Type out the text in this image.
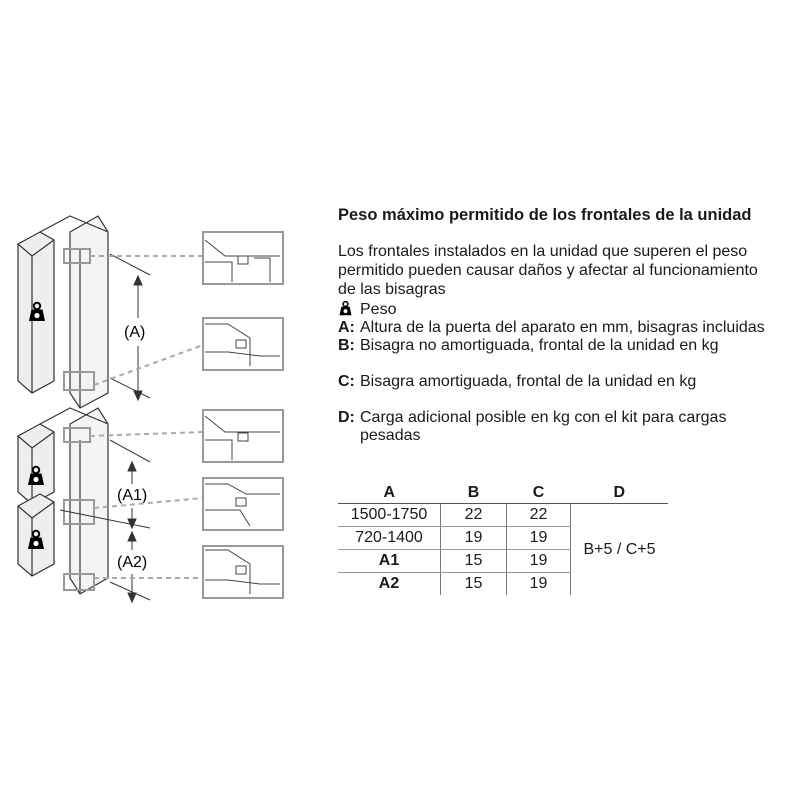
(A)
(A1)
(A2)
Peso máximo permitido de los frontales de la unidad
Los frontales instalados en la unidad que superen el peso permitido pueden causar daños y afectar al funcionamiento de las bisagras
Peso
A: Altura de la puerta del aparato en mm, bisagras incluidas
B: Bisagra no amortiguada, frontal de la unidad en kg
C: Bisagra amortiguada, frontal de la unidad en kg
D: Carga adicional posible en kg con el kit para cargas pesadas
A	B	C	D
1500-1750	22	22	B+5 / C+5
720-1400	19	19	
A1	15	19	
A2	15	19	
